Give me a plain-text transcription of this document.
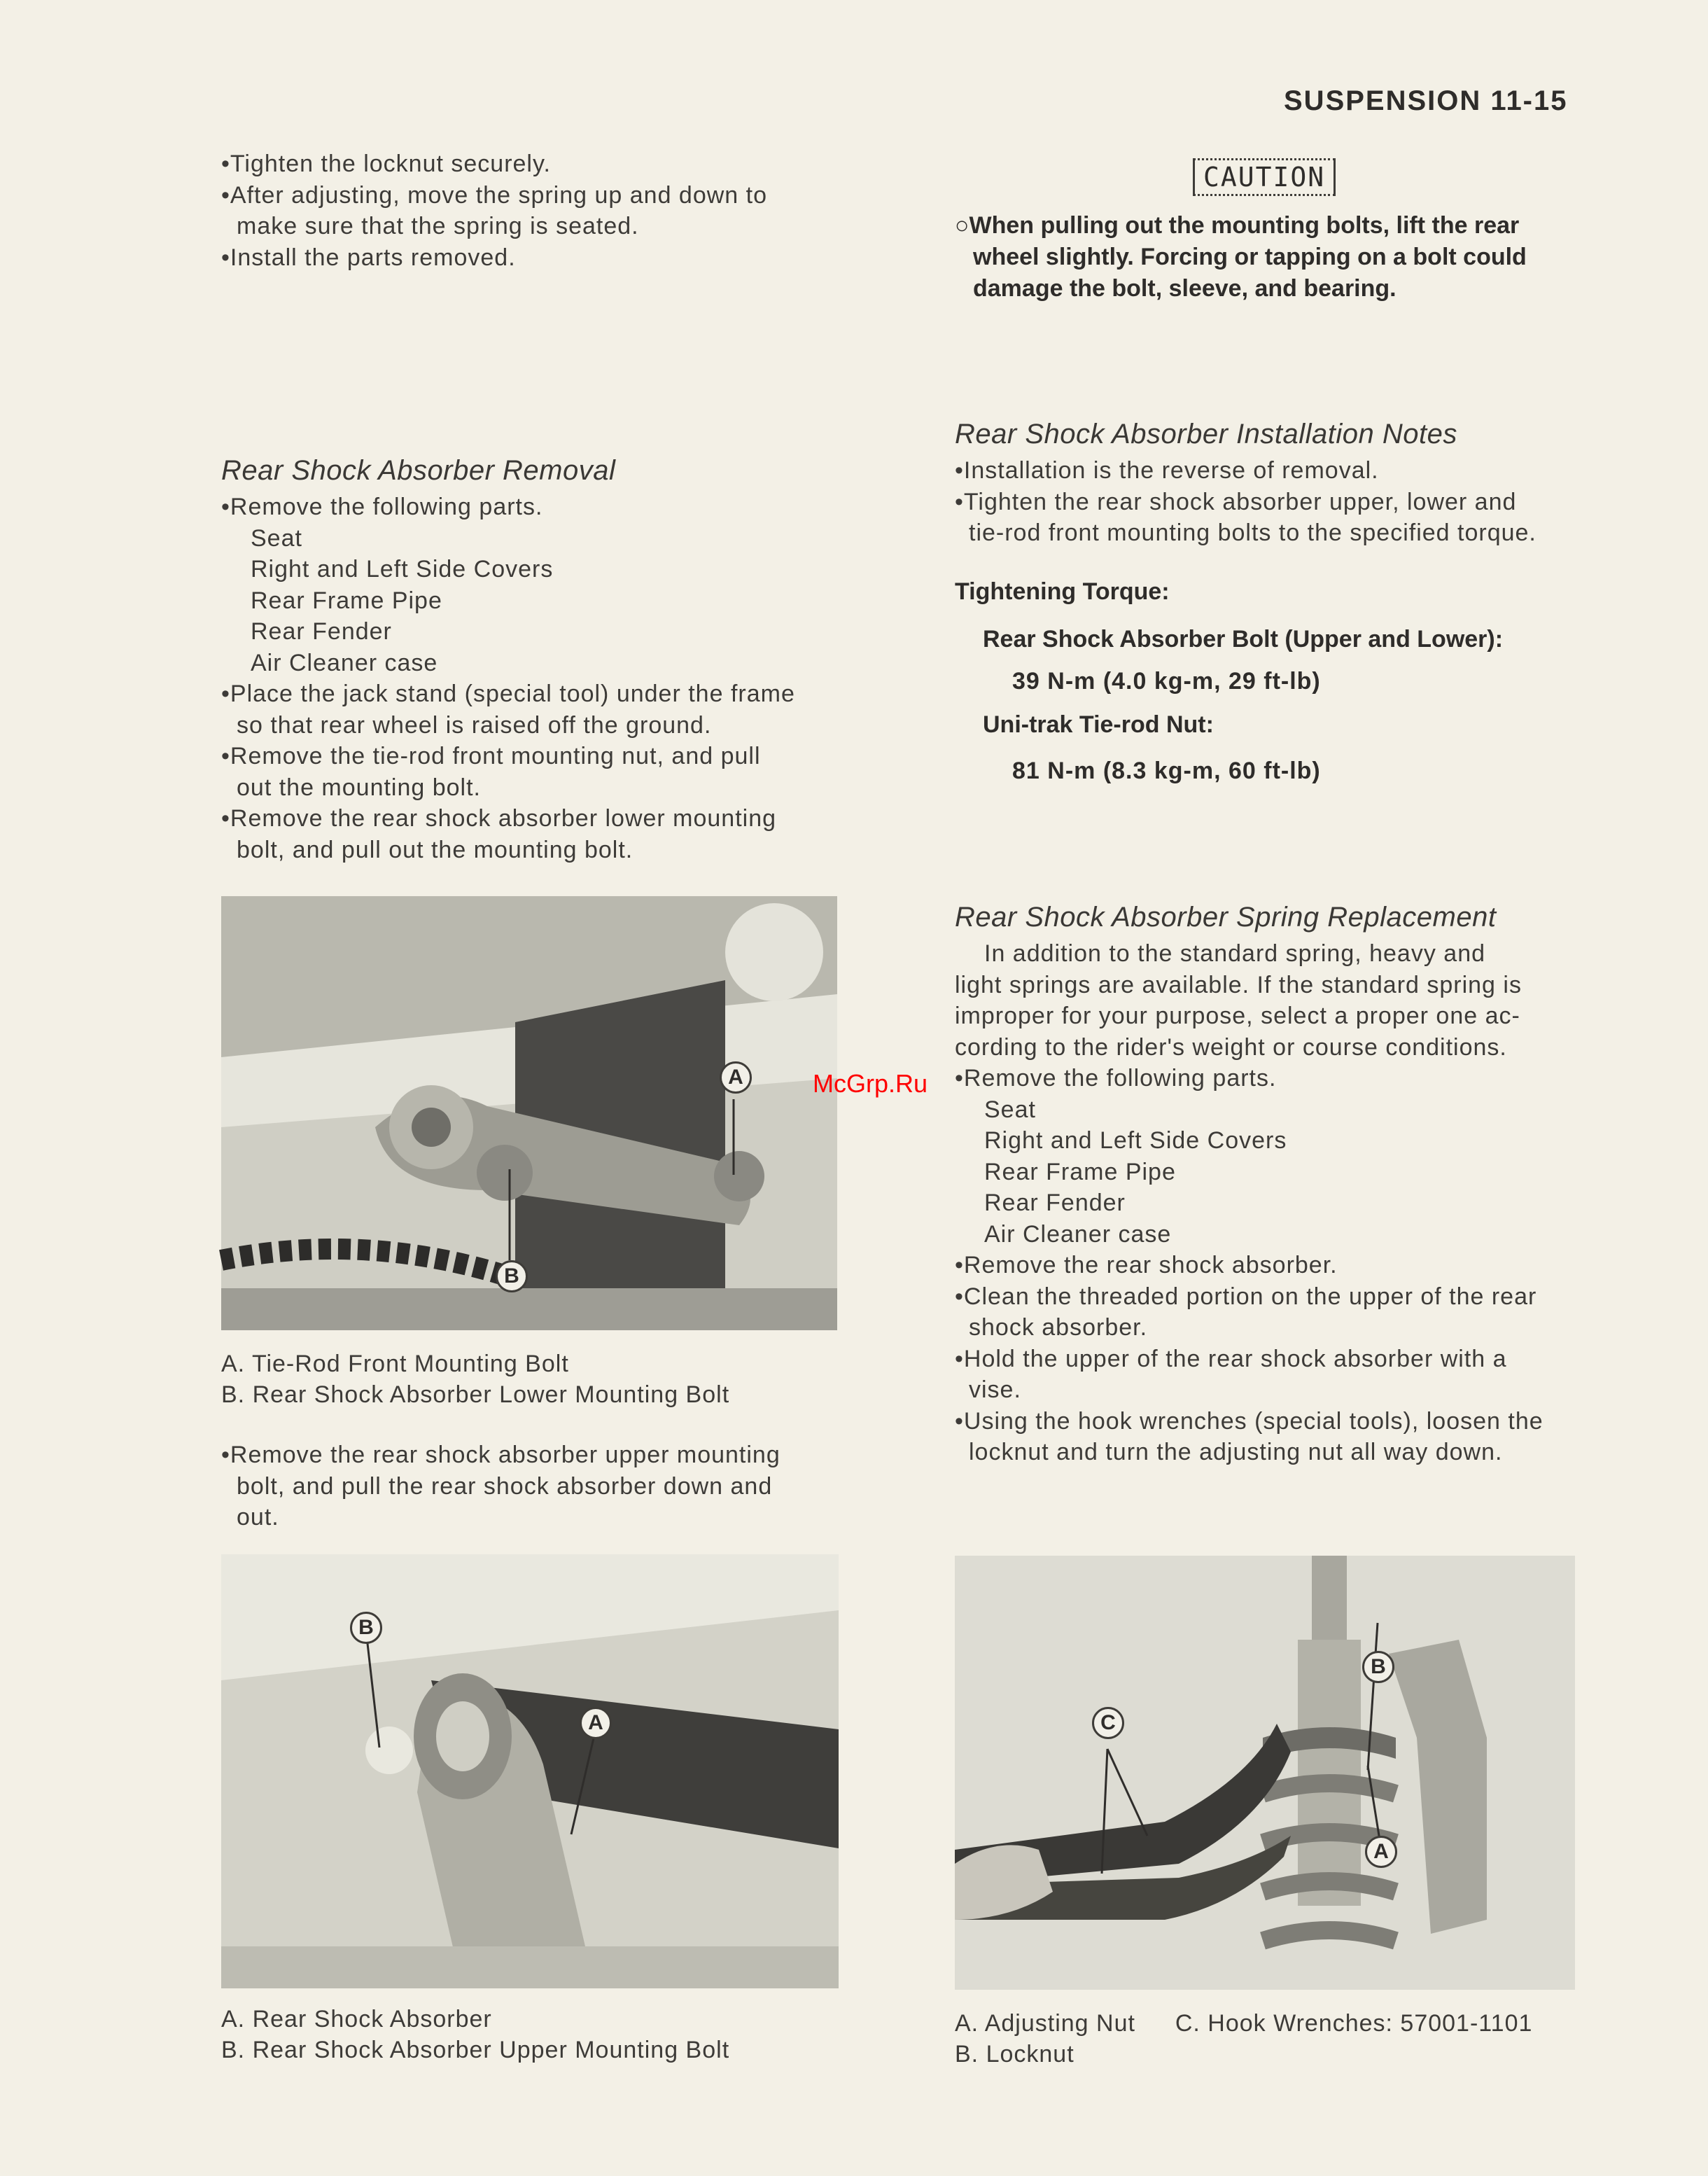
SUSPENSION 11-15
•Tighten the locknut securely.
•After adjusting, move the spring up and down to
make sure that the spring is seated.
•Install the parts removed.
CAUTION
○When pulling out the mounting bolts, lift the rear
wheel slightly. Forcing or tapping on a bolt could
damage the bolt, sleeve, and bearing.
Rear Shock Absorber Removal
•Remove the following parts.
Seat
Right and Left Side Covers
Rear Frame Pipe
Rear Fender
Air Cleaner case
•Place the jack stand (special tool) under the frame
so that rear wheel is raised off the ground.
•Remove the tie-rod front mounting nut, and pull
out the mounting bolt.
•Remove the rear shock absorber lower mounting
bolt, and pull out the mounting bolt.
McGrp.Ru
A
B
A. Tie-Rod Front Mounting Bolt
B. Rear Shock Absorber Lower Mounting Bolt
•Remove the rear shock absorber upper mounting
bolt, and pull the rear shock absorber down and
out.
B
A
A. Rear Shock Absorber
B. Rear Shock Absorber Upper Mounting Bolt
Rear Shock Absorber Installation Notes
•Installation is the reverse of removal.
•Tighten the rear shock absorber upper, lower and
tie-rod front mounting bolts to the specified torque.
Tightening Torque:
Rear Shock Absorber Bolt (Upper and Lower):
39 N-m (4.0 kg-m, 29 ft-lb)
Uni-trak Tie-rod Nut:
81 N-m (8.3 kg-m, 60 ft-lb)
Rear Shock Absorber Spring Replacement
In addition to the standard spring, heavy and
light springs are available. If the standard spring is
improper for your purpose, select a proper one ac-
cording to the rider's weight or course conditions.
•Remove the following parts.
Seat
Right and Left Side Covers
Rear Frame Pipe
Rear Fender
Air Cleaner case
•Remove the rear shock absorber.
•Clean the threaded portion on the upper of the rear
shock absorber.
•Hold the upper of the rear shock absorber with a
vise.
•Using the hook wrenches (special tools), loosen the
locknut and turn the adjusting nut all way down.
B
C
A
A. Adjusting Nut C. Hook Wrenches: 57001-1101
B. Locknut
